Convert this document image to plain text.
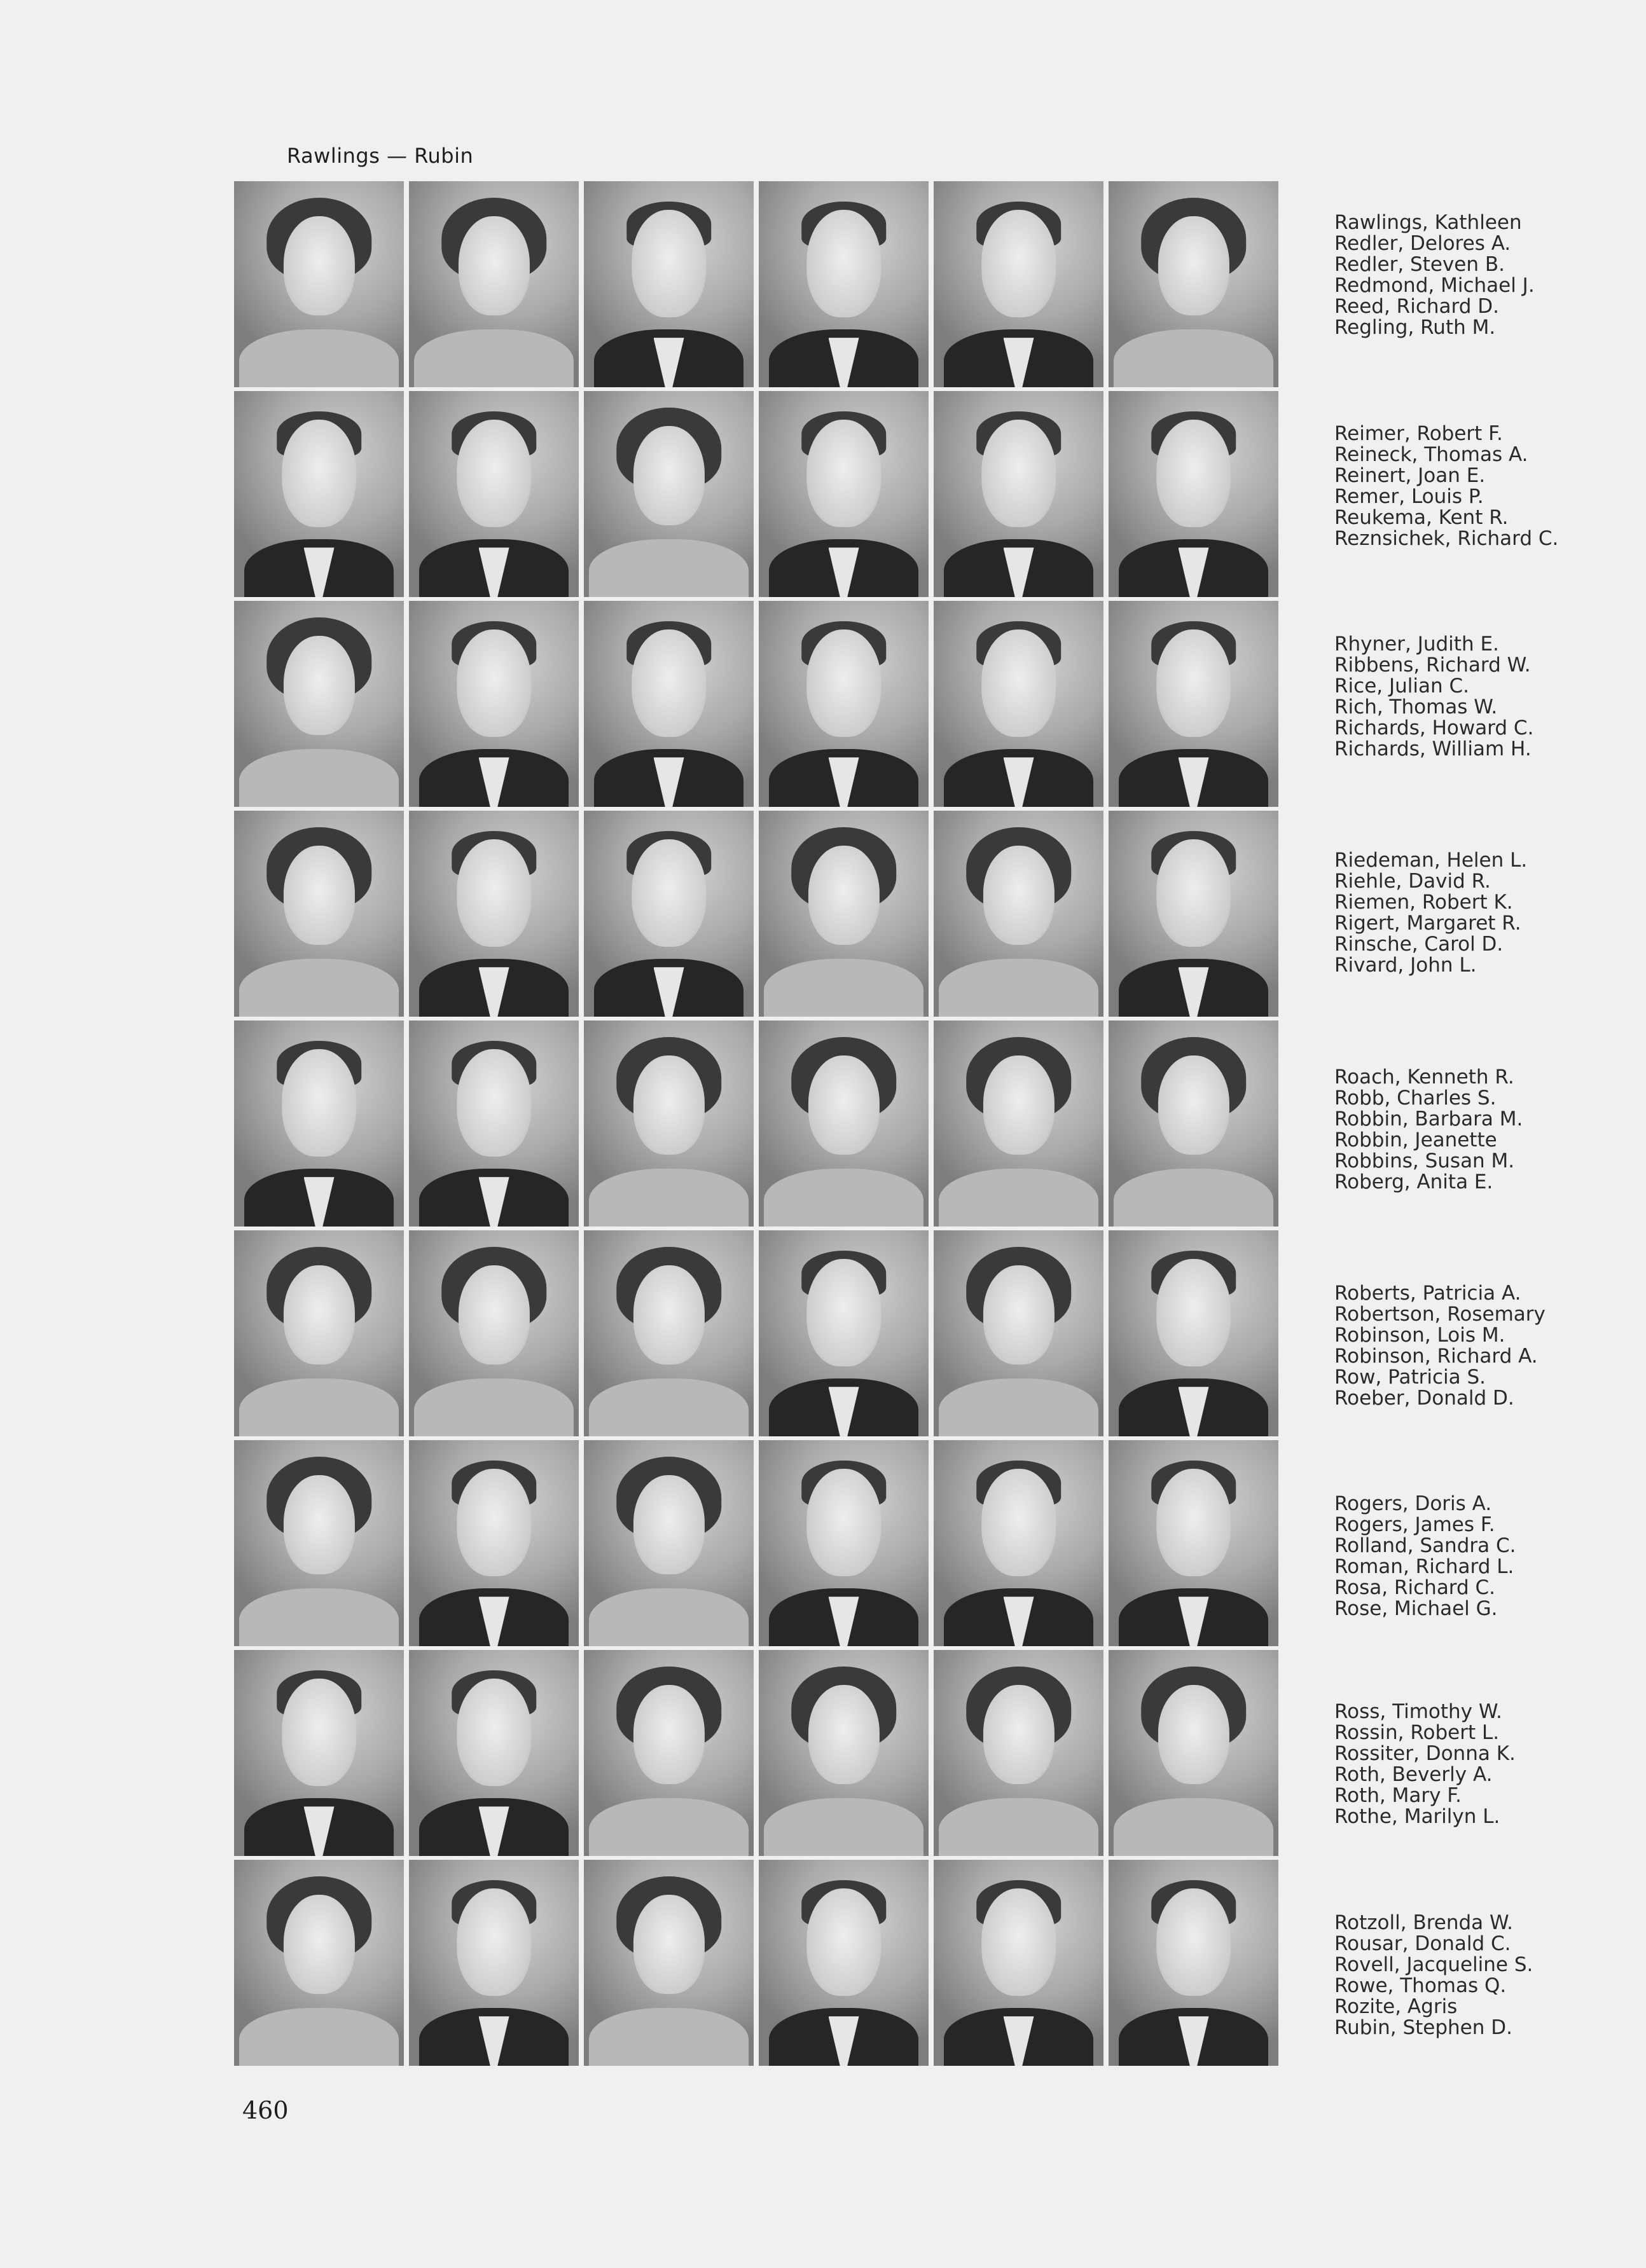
Rawlings — Rubin
Rawlings, Kathleen
Redler, Delores A.
Redler, Steven B.
Redmond, Michael J.
Reed, Richard D.
Regling, Ruth M.
Reimer, Robert F.
Reineck, Thomas A.
Reinert, Joan E.
Remer, Louis P.
Reukema, Kent R.
Reznsichek, Richard C.
Rhyner, Judith E.
Ribbens, Richard W.
Rice, Julian C.
Rich, Thomas W.
Richards, Howard C.
Richards, William H.
Riedeman, Helen L.
Riehle, David R.
Riemen, Robert K.
Rigert, Margaret R.
Rinsche, Carol D.
Rivard, John L.
Roach, Kenneth R.
Robb, Charles S.
Robbin, Barbara M.
Robbin, Jeanette
Robbins, Susan M.
Roberg, Anita E.
Roberts, Patricia A.
Robertson, Rosemary
Robinson, Lois M.
Robinson, Richard A.
Row, Patricia S.
Roeber, Donald D.
Rogers, Doris A.
Rogers, James F.
Rolland, Sandra C.
Roman, Richard L.
Rosa, Richard C.
Rose, Michael G.
Ross, Timothy W.
Rossin, Robert L.
Rossiter, Donna K.
Roth, Beverly A.
Roth, Mary F.
Rothe, Marilyn L.
Rotzoll, Brenda W.
Rousar, Donald C.
Rovell, Jacqueline S.
Rowe, Thomas Q.
Rozite, Agris
Rubin, Stephen D.
460
